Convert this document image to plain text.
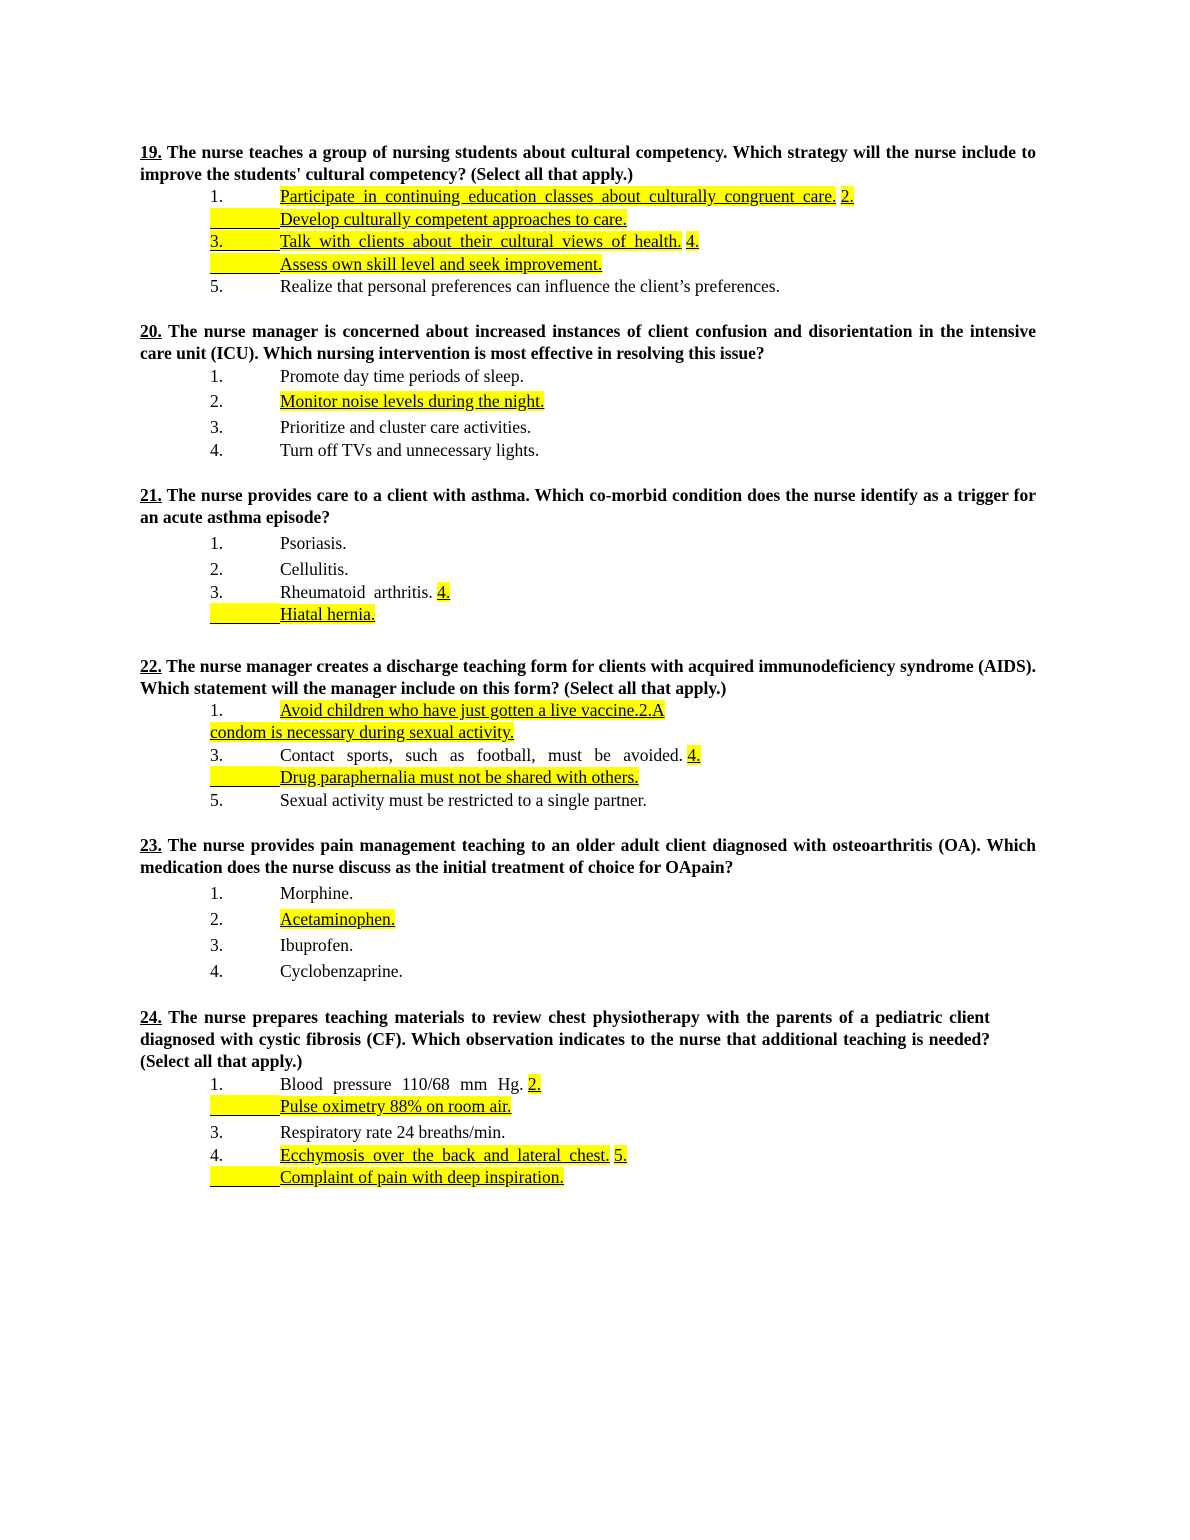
19. The nurse teaches a group of nursing students about cultural competency. Which strategy will the nurse include to improve the students' cultural competency? (Select all that apply.)
1.	Participate in continuing education classes about culturally congruent care. 2.
Develop culturally competent approaches to care.
3.	Talk with clients about their cultural views of health. 4.
Assess own skill level and seek improvement.
5.	Realize that personal preferences can influence the client’s preferences.
20. The nurse manager is concerned about increased instances of client confusion and disorientation in the intensive care unit (ICU). Which nursing intervention is most effective in resolving this issue?
1.	Promote day time periods of sleep.
2.	Monitor noise levels during the night.
3.	Prioritize and cluster care activities.
4.	Turn off TVs and unnecessary lights.
21. The nurse provides care to a client with asthma. Which co-morbid condition does the nurse identify as a trigger for an acute asthma episode?
1.	Psoriasis.
2.	Cellulitis.
3.	Rheumatoid arthritis. 4.
Hiatal hernia.
22. The nurse manager creates a discharge teaching form for clients with acquired immunodeficiency syndrome (AIDS). Which statement will the manager include on this form? (Select all that apply.)
1.	Avoid children who have just gotten a live vaccine.2.A
condom is necessary during sexual activity.
3.	Contact sports, such as football, must be avoided. 4.
Drug paraphernalia must not be shared with others.
5.	Sexual activity must be restricted to a single partner.
23. The nurse provides pain management teaching to an older adult client diagnosed with osteoarthritis (OA). Which medication does the nurse discuss as the initial treatment of choice for OApain?
1.	Morphine.
2.	Acetaminophen.
3.	Ibuprofen.
4.	Cyclobenzaprine.
24. The nurse prepares teaching materials to review chest physiotherapy with the parents of a pediatric client diagnosed with cystic fibrosis (CF). Which observation indicates to the nurse that additional teaching is needed? (Select all that apply.)
1.	Blood pressure 110/68 mm Hg. 2.
Pulse oximetry 88% on room air.
3.	Respiratory rate 24 breaths/min.
4.	Ecchymosis over the back and lateral chest. 5.
Complaint of pain with deep inspiration.
